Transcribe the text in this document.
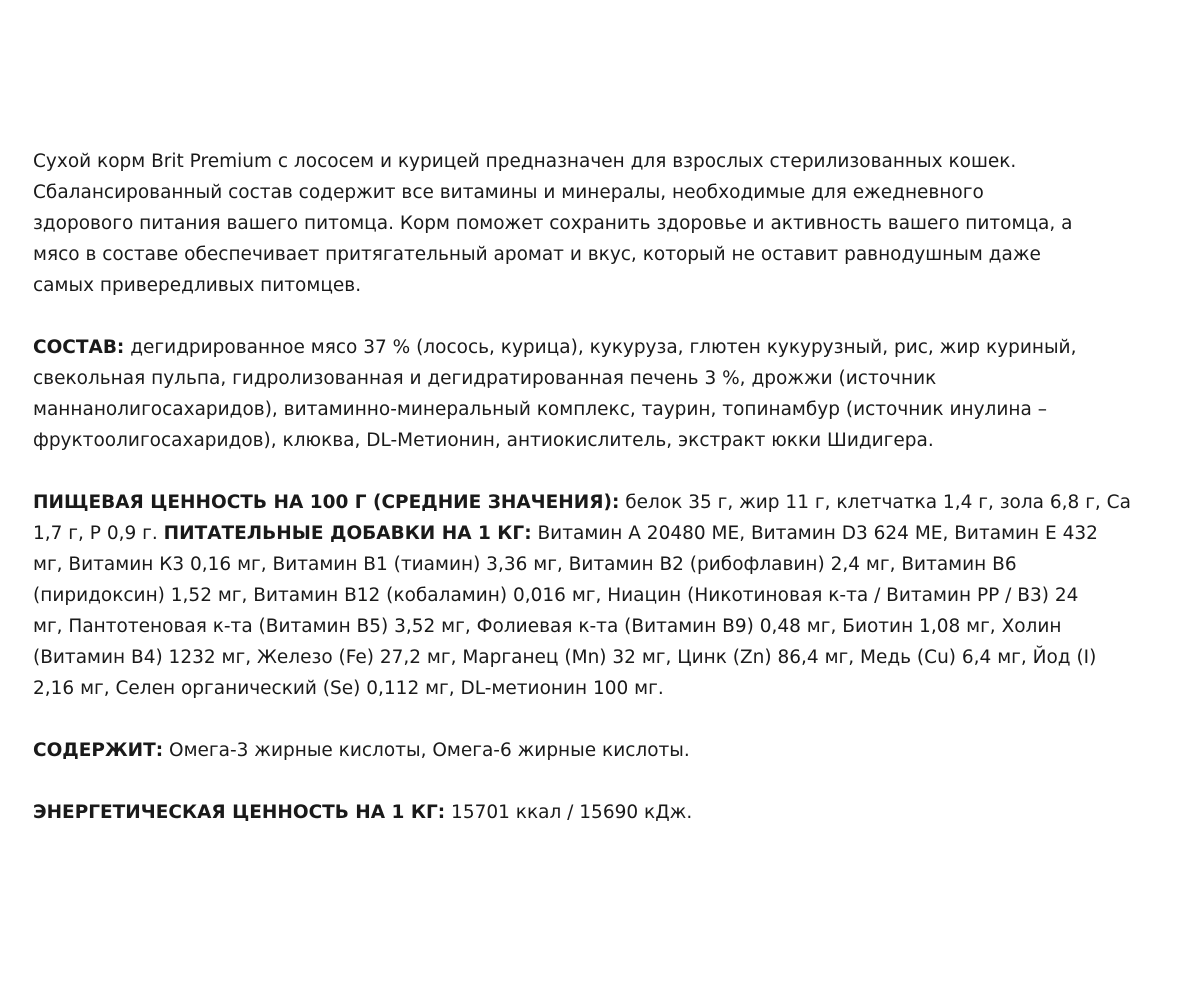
Сухой корм Brit Premium с лососем и курицей предназначен для взрослых стерилизованных кошек.
Сбалансированный состав содержит все витамины и минералы, необходимые для ежедневного
здорового питания вашего питомца. Корм поможет сохранить здоровье и активность вашего питомца, а
мясо в составе обеспечивает притягательный аромат и вкус, который не оставит равнодушным даже
самых привередливых питомцев.

СОСТАВ: дегидрированное мясо 37 % (лосось, курица), кукуруза, глютен кукурузный, рис, жир куриный,
свекольная пульпа, гидролизованная и дегидратированная печень 3 %, дрожжи (источник
маннанолигосахаридов), витаминно-минеральный комплекс, таурин, топинамбур (источник инулина –
фруктоолигосахаридов), клюква, DL-Метионин, антиокислитель, экстракт юкки Шидигера.

ПИЩЕВАЯ ЦЕННОСТЬ НА 100 Г (СРЕДНИЕ ЗНАЧЕНИЯ): белок 35 г, жир 11 г, клетчатка 1,4 г, зола 6,8 г, Ca
1,7 г, P 0,9 г. ПИТАТЕЛЬНЫЕ ДОБАВКИ НА 1 КГ: Витамин A 20480 МЕ, Витамин D3 624 МЕ, Витамин E 432
мг, Витамин К3 0,16 мг, Витамин В1 (тиамин) 3,36 мг, Витамин В2 (рибофлавин) 2,4 мг, Витамин В6
(пиридоксин) 1,52 мг, Витамин В12 (кобаламин) 0,016 мг, Ниацин (Никотиновая к-та / Витамин PP / B3) 24
мг, Пантотеновая к-та (Витамин B5) 3,52 мг, Фолиевая к-та (Витамин B9) 0,48 мг, Биотин 1,08 мг, Холин
(Витамин B4) 1232 мг, Железо (Fe) 27,2 мг, Марганец (Mn) 32 мг, Цинк (Zn) 86,4 мг, Медь (Cu) 6,4 мг, Йод (I)
2,16 мг, Селен органический (Se) 0,112 мг, DL-метионин 100 мг.

СОДЕРЖИТ: Омега-3 жирные кислоты, Омега-6 жирные кислоты.

ЭНЕРГЕТИЧЕСКАЯ ЦЕННОСТЬ НА 1 КГ: 15701 ккал / 15690 кДж.
